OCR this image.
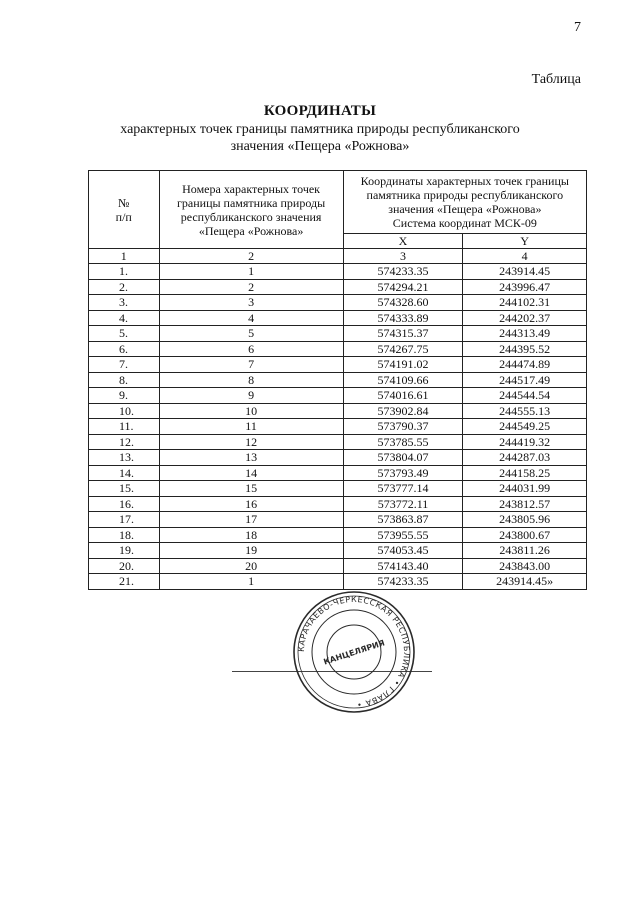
7
Таблица

КООРДИНАТЫ

характерных точек границы памятника природы республиканского

значения «Пещера «Рожнова»

№
п/п	Номера характерных точек границы памятника природы республиканского значения «Пещера «Рожнова»	Координаты характерных точек границы памятника природы республиканского значения «Пещера «Рожнова»
Система координат МСК-09	
		X	Y
1	2	3	4
1.	1	574233.35	243914.45
2.	2	574294.21	243996.47
3.	3	574328.60	244102.31
4.	4	574333.89	244202.37
5.	5	574315.37	244313.49
6.	6	574267.75	244395.52
7.	7	574191.02	244474.89
8.	8	574109.66	244517.49
9.	9	574016.61	244544.54
10.	10	573902.84	244555.13
11.	11	573790.37	244549.25
12.	12	573785.55	244419.32
13.	13	573804.07	244287.03
14.	14	573793.49	244158.25
15.	15	573777.14	244031.99
16.	16	573772.11	243812.57
17.	17	573863.87	243805.96
18.	18	573955.55	243800.67
19.	19	574053.45	243811.26
20.	20	574143.40	243843.00
21.	1	574233.35	243914.45»
КАРАЧАЕВО-ЧЕРКЕССКАЯ РЕСПУБЛИКА • ГЛАВА •
КАНЦЕЛЯРИЯ
